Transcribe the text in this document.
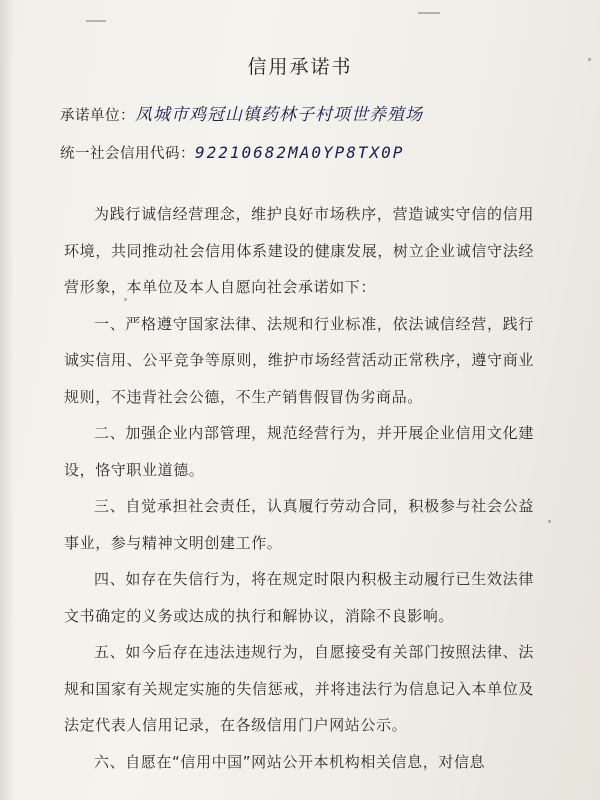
信用承诺书
承诺单位：凤城市鸡冠山镇药林子村项世养殖场
统一社会信用代码：92210682MA0YP8TX0P

为践行诚信经营理念，维护良好市场秩序，营造诚实守信的信用环境，共同推动社会信用体系建设的健康发展，树立企业诚信守法经营形象，本单位及本人自愿向社会承诺如下：

一、严格遵守国家法律、法规和行业标准，依法诚信经营，践行诚实信用、公平竞争等原则，维护市场经营活动正常秩序，遵守商业规则，不违背社会公德，不生产销售假冒伪劣商品。

二、加强企业内部管理，规范经营行为，并开展企业信用文化建设，恪守职业道德。

三、自觉承担社会责任，认真履行劳动合同，积极参与社会公益事业，参与精神文明创建工作。

四、如存在失信行为，将在规定时限内积极主动履行已生效法律文书确定的义务或达成的执行和解协议，消除不良影响。

五、如今后存在违法违规行为，自愿接受有关部门按照法律、法规和国家有关规定实施的失信惩戒，并将违法行为信息记入本单位及法定代表人信用记录，在各级信用门户网站公示。

六、自愿在“信用中国”网站公开本机构相关信息，对信息
